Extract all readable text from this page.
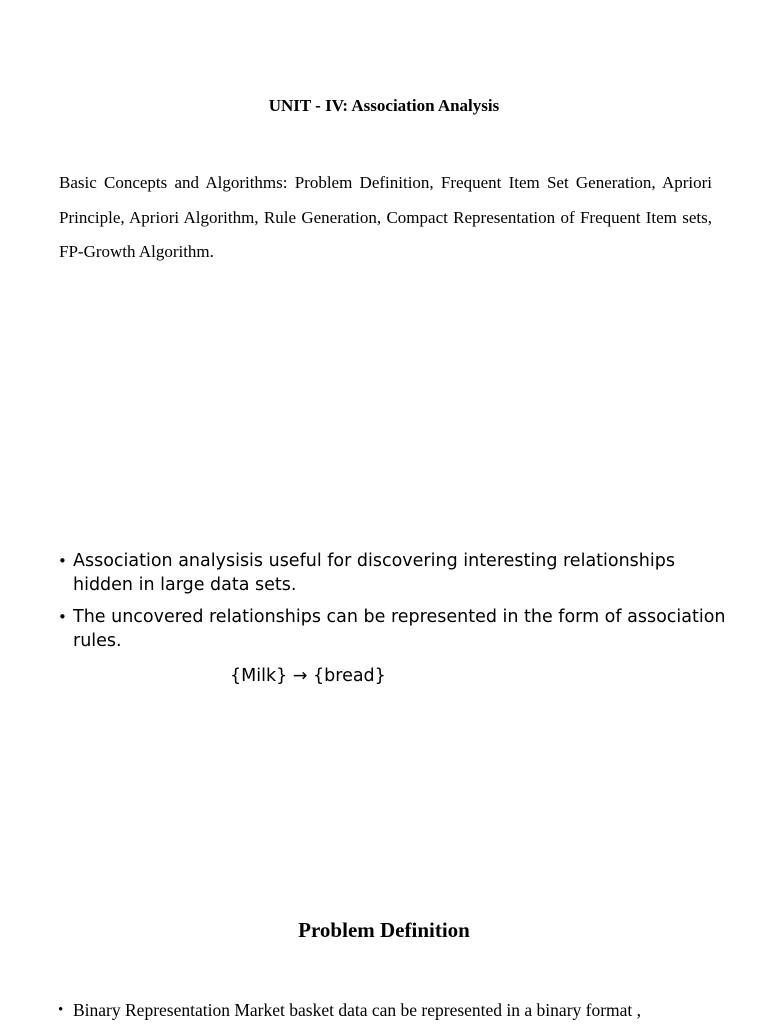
UNIT - IV: Association Analysis

Basic Concepts and Algorithms: Problem Definition, Frequent Item Set Generation, Apriori Principle, Apriori Algorithm, Rule Generation, Compact Representation of Frequent Item sets, FP-Growth Algorithm.

• Association analysisis useful for discovering interesting relationships hidden in large data sets.
• The uncovered relationships can be represented in the form of association rules.
{Milk} → {bread}
Problem Definition
• Binary Representation Market basket data can be represented in a binary format ,
